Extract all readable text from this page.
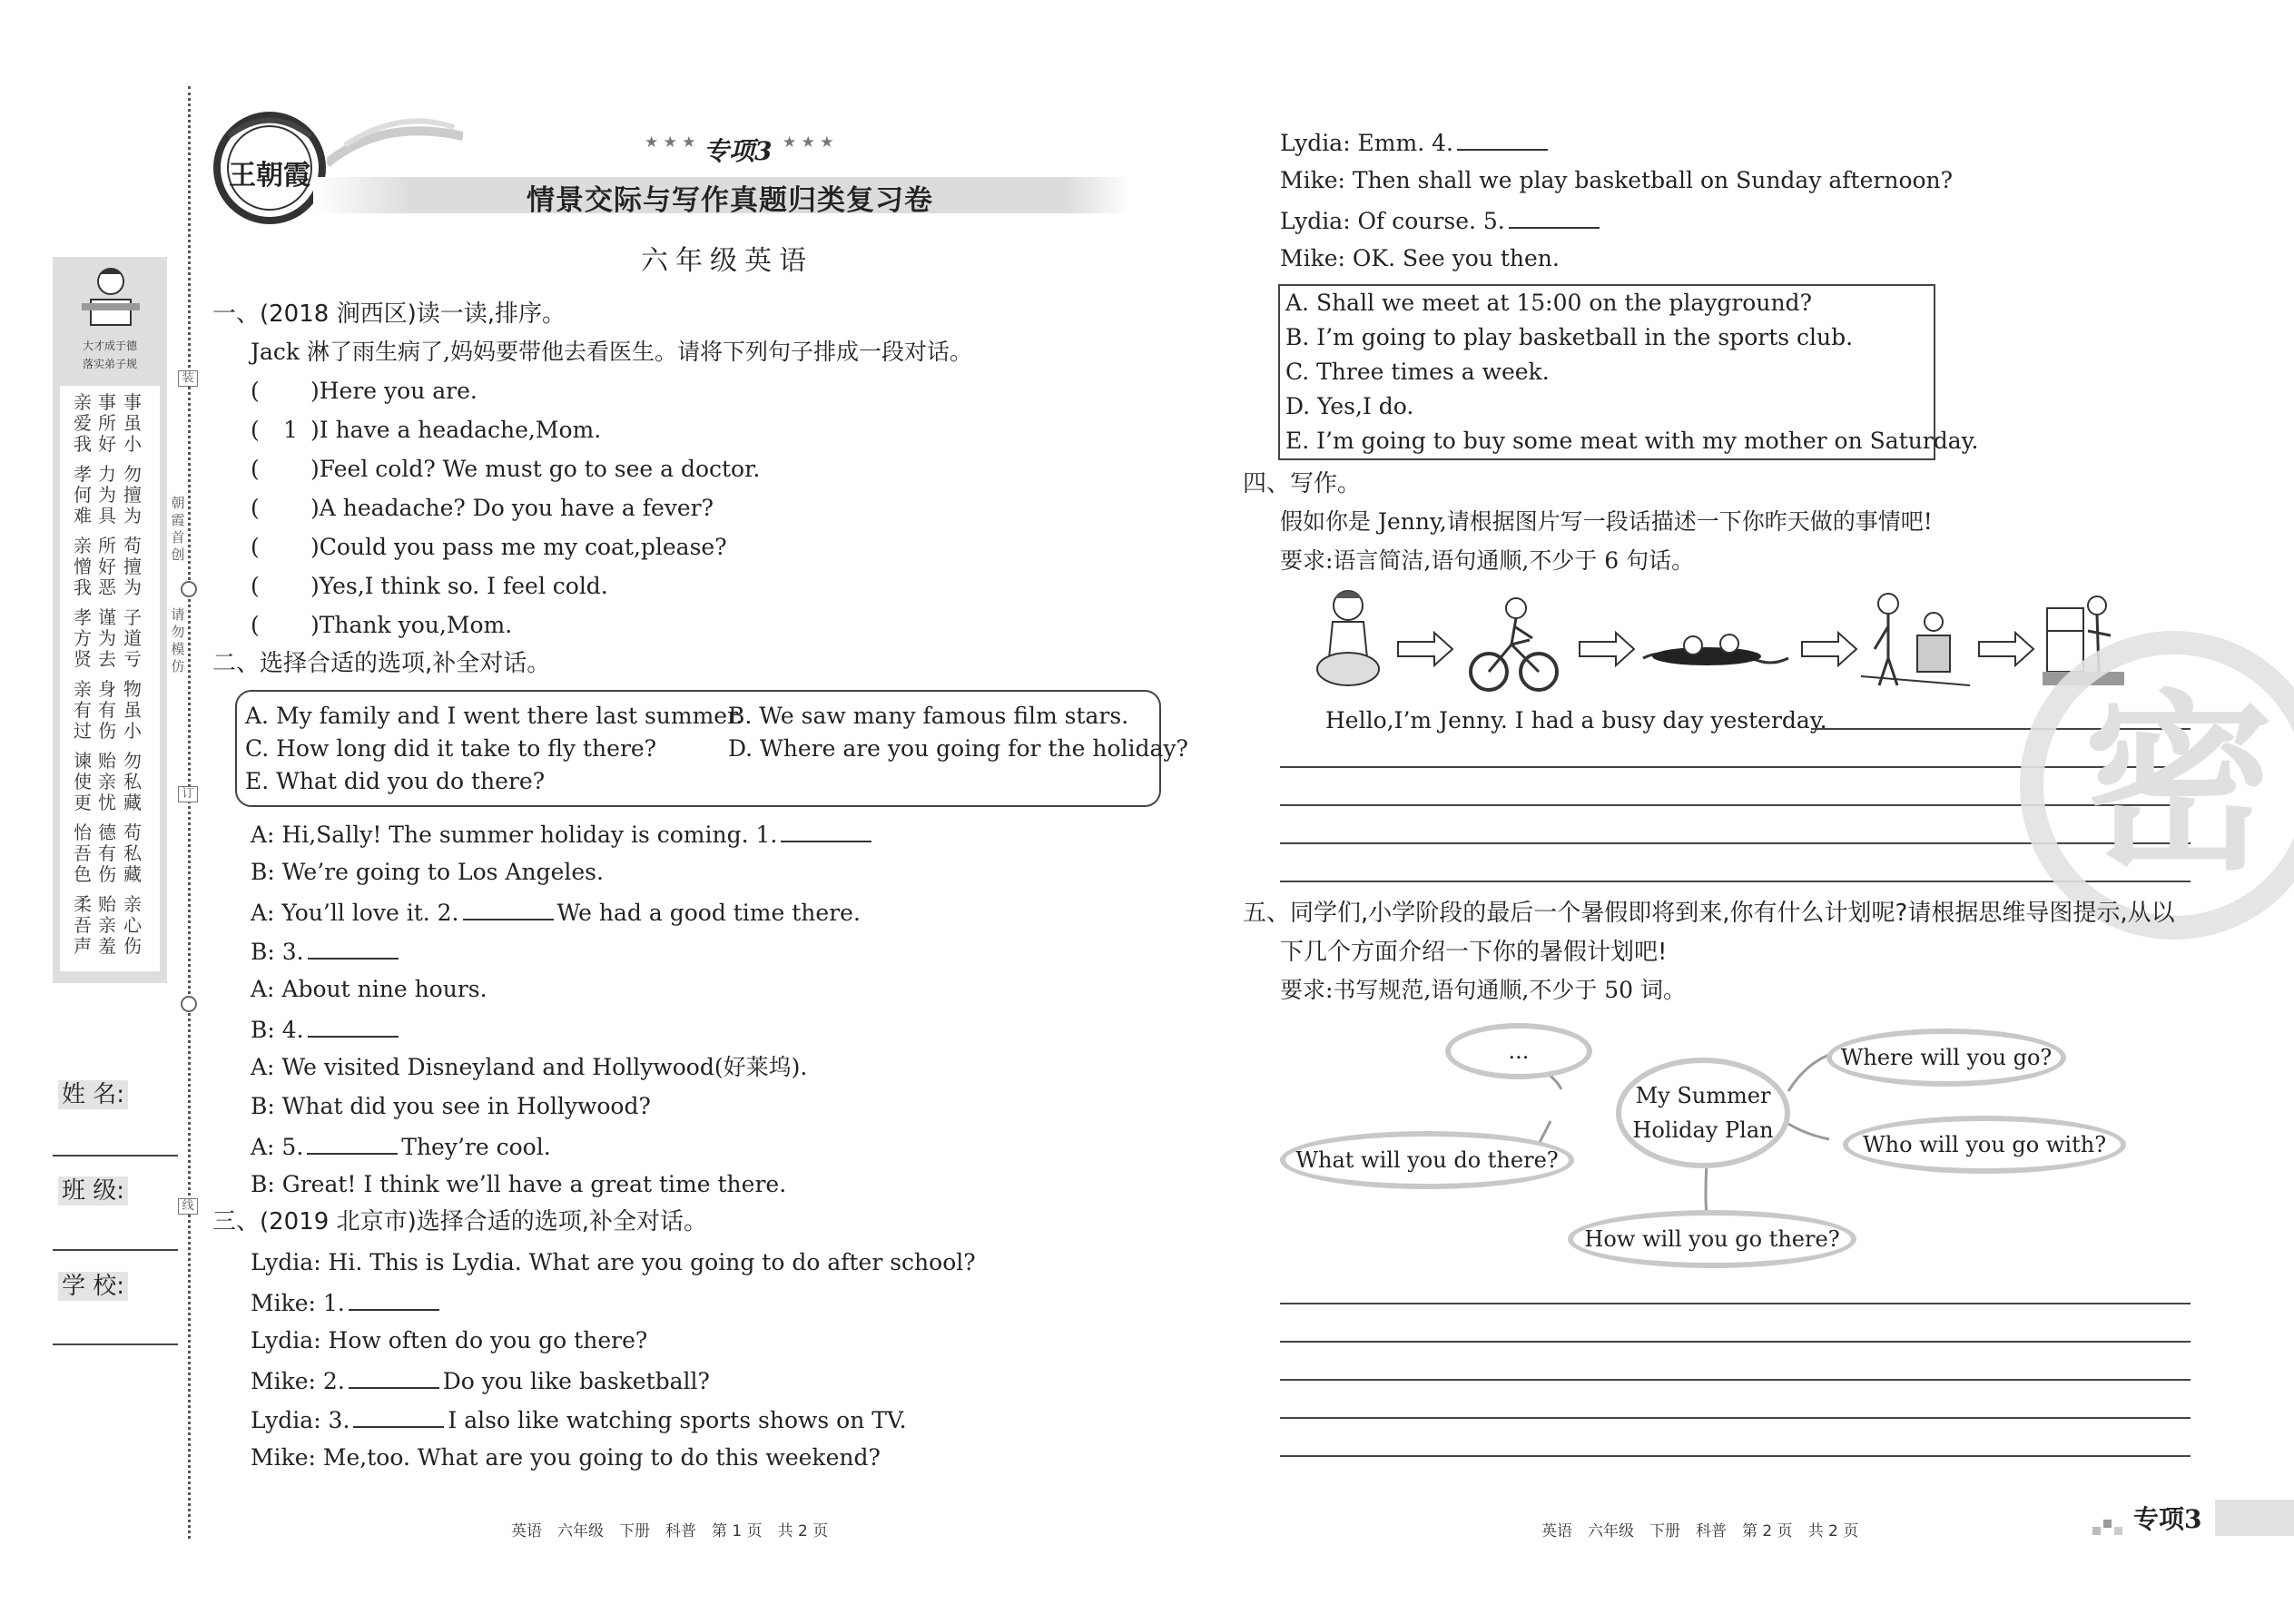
装
订
线
朝霞首创
请勿模仿
大才成于德
落实弟子规
亲爱我
事所好
事虽小
孝何难
力为具
勿擅为
亲憎我
所好恶
苟擅为
孝方贤
谨为去
子道亏
亲有过
身有伤
物虽小
谏使更
贻亲忧
勿私藏
怡吾色
德有伤
苟私藏
柔吾声
贻亲羞
亲心伤
姓 名:
班 级:
学 校:
王朝霞
★ ★ ★ 专项3 ★ ★ ★
情景交际与写作真题归类复习卷
六年级英语
一、(2018 涧西区)读一读,排序。
Jack 淋了雨生病了,妈妈要带他去看医生。请将下列句子排成一段对话。
( )Here you are.
(	1 )I have a headache,Mom.
( )Feel cold? We must go to see a doctor.
( )A headache? Do you have a fever?
( )Could you pass me my coat,please?
( )Yes,I think so. I feel cold.
( )Thank you,Mom.
二、选择合适的选项,补全对话。
A. My family and I went there last summer.
B. We saw many famous film stars.
C. How long did it take to fly there?	D. Where are you going for the holiday?
E. What did you do there?
A: Hi,Sally! The summer holiday is coming. 1.
B: We’re going to Los Angeles.
A: You’ll love it. 2.	We had a good time there.
B: 3.
A: About nine hours.
B: 4.
A: We visited Disneyland and Hollywood(好莱坞).
B: What did you see in Hollywood?
A: 5.	They’re cool.
B: Great! I think we’ll have a great time there.
三、(2019 北京市)选择合适的选项,补全对话。
Lydia: Hi. This is Lydia. What are you going to do after school?
Mike: 1.
Lydia: How often do you go there?
Mike: 2.	Do you like basketball?
Lydia: 3.	I also like watching sports shows on TV.
Mike: Me,too. What are you going to do this weekend?
英语　六年级　下册　科普　第 1 页　共 2 页
Lydia: Emm. 4.
Mike: Then shall we play basketball on Sunday afternoon?
Lydia: Of course. 5.
Mike: OK. See you then.
A. Shall we meet at 15:00 on the playground?
B. I’m going to play basketball in the sports club.
C. Three times a week.
D. Yes,I do.
E. I’m going to buy some meat with my mother on Saturday.
四、写作。
假如你是 Jenny,请根据图片写一段话描述一下你昨天做的事情吧!
要求:语言简洁,语句通顺,不少于 6 句话。
Hello,I’m Jenny. I had a busy day yesterday. 密
五、同学们,小学阶段的最后一个暑假即将到来,你有什么计划呢?请根据思维导图提示,从以
下几个方面介绍一下你的暑假计划吧!
要求:书写规范,语句通顺,不少于 50 词。
...
My Summer
Holiday Plan
Where will you go?
Who will you go with?
What will you do there?
How will you go there?
英语　六年级　下册　科普　第 2 页　共 2 页	专项3
